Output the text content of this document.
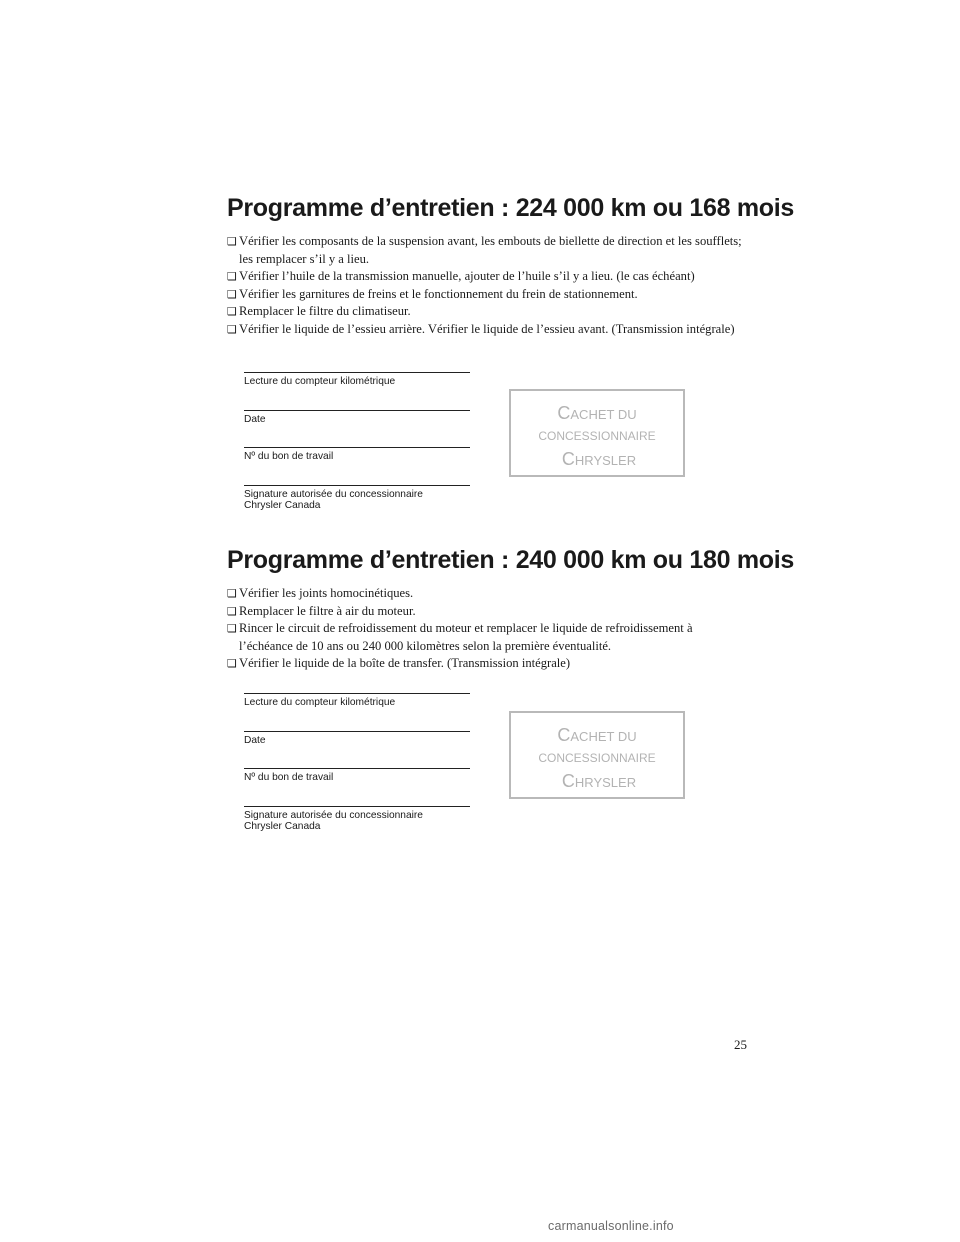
Programme d’entretien : 224 000 km ou 168 mois
❑ Vérifier les composants de la suspension avant, les embouts de biellette de direction et les soufflets; les remplacer s’il y a lieu.
❑ Vérifier l’huile de la transmission manuelle, ajouter de l’huile s’il y a lieu. (le cas échéant)
❑ Vérifier les garnitures de freins et le fonctionnement du frein de stationnement.
❑ Remplacer le filtre du climatiseur.
❑ Vérifier le liquide de l’essieu arrière. Vérifier le liquide de l’essieu avant. (Transmission intégrale)
Lecture du compteur kilométrique
Date
Nº du bon de travail
Signature autorisée du concessionnaire
Chrysler Canada
CACHET DU
CONCESSIONNAIRE
CHRYSLER
Programme d’entretien : 240 000 km ou 180 mois
❑ Vérifier les joints homocinétiques.
❑ Remplacer le filtre à air du moteur.
❑ Rincer le circuit de refroidissement du moteur et remplacer le liquide de refroidissement à l’échéance de 10 ans ou 240 000 kilomètres selon la première éventualité.
❑ Vérifier le liquide de la boîte de transfer. (Transmission intégrale)
Lecture du compteur kilométrique
Date
Nº du bon de travail
Signature autorisée du concessionnaire
Chrysler Canada
CACHET DU
CONCESSIONNAIRE
CHRYSLER
25
carmanualsonline.info
